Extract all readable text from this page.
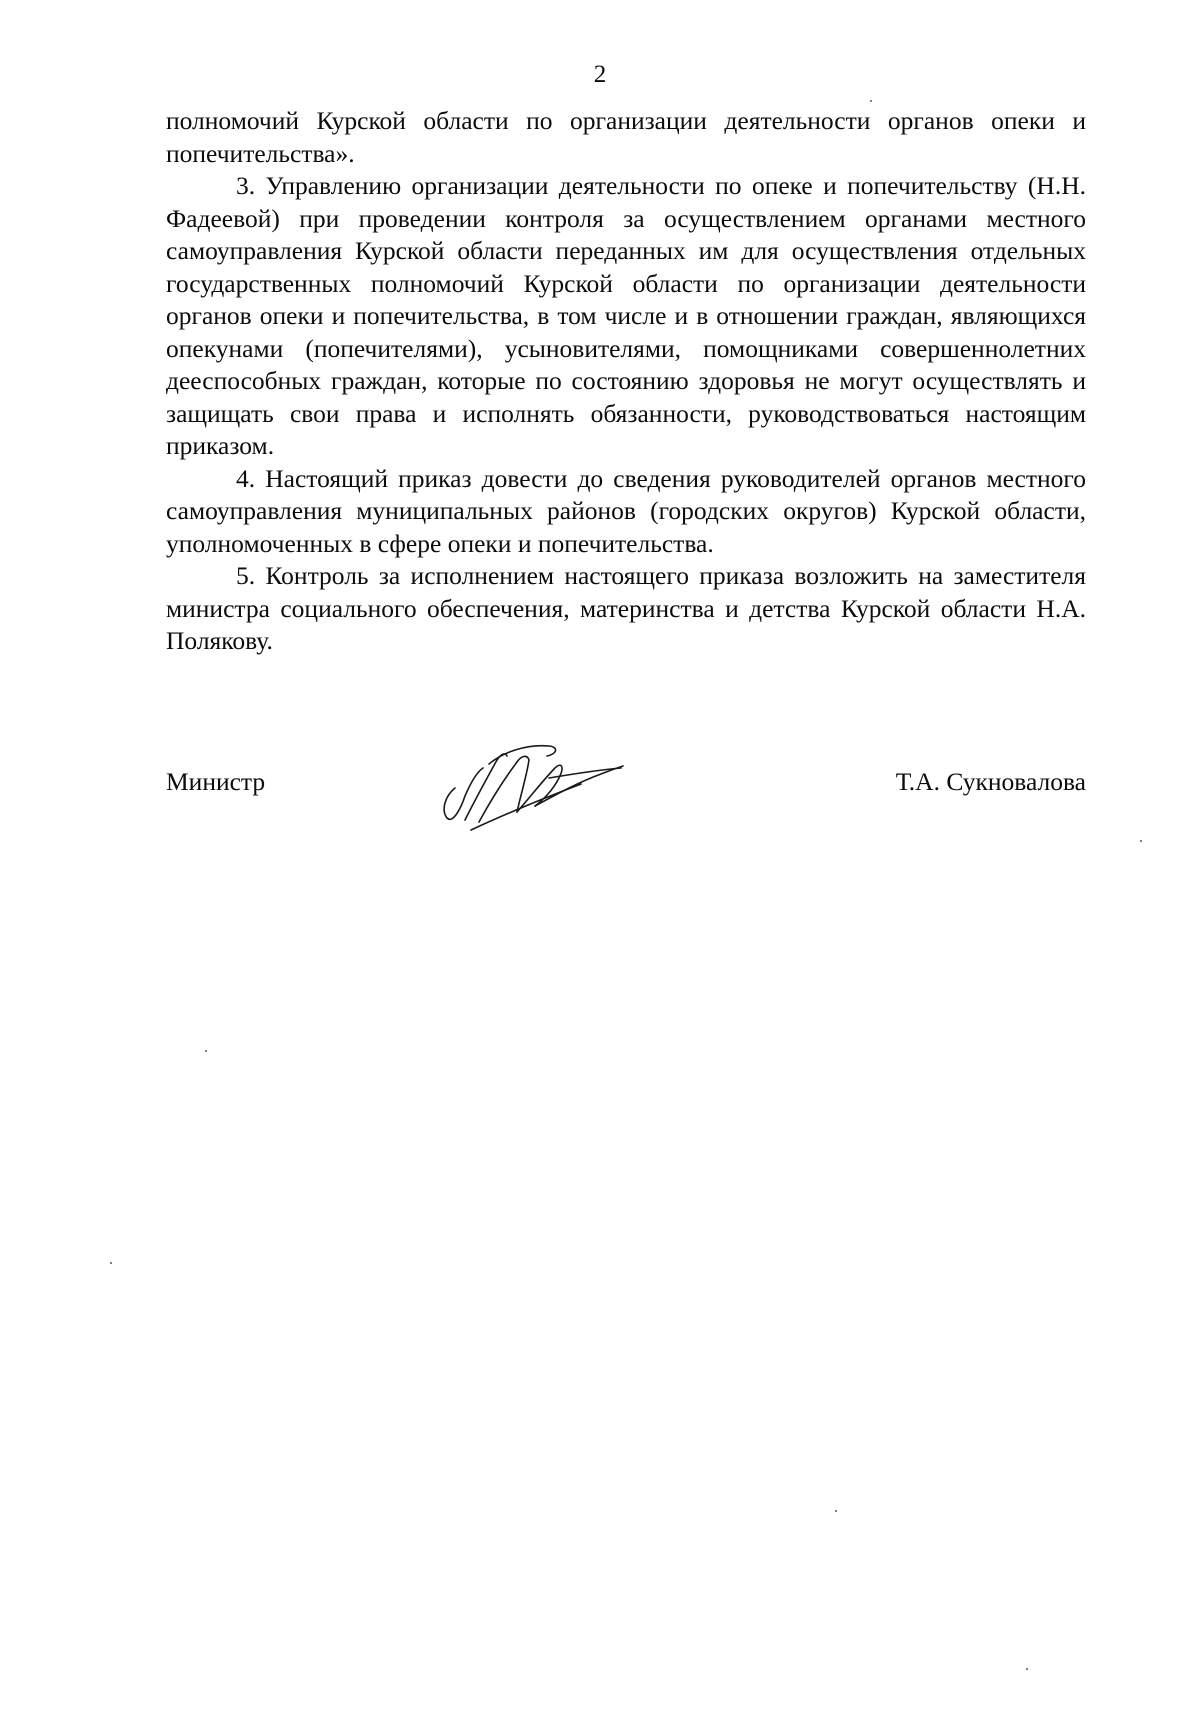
2

полномочий Курской области по организации деятельности органов опеки и попечительства».

3. Управлению организации деятельности по опеке и попечительству (Н.Н. Фадеевой) при проведении контроля за осуществлением органами местного самоуправления Курской области переданных им для осуществления отдельных государственных полномочий Курской области по организации деятельности органов опеки и попечительства, в том числе и в отношении граждан, являющихся опекунами (попечителями), усыновителями, помощниками совершеннолетних дееспособных граждан, которые по состоянию здоровья не могут осуществлять и защищать свои права и исполнять обязанности, руководствоваться настоящим приказом.

4. Настоящий приказ довести до сведения руководителей органов местного самоуправления муниципальных районов (городских округов) Курской области, уполномоченных в сфере опеки и попечительства.

5. Контроль за исполнением настоящего приказа возложить на заместителя министра социального обеспечения, материнства и детства Курской области Н.А. Полякову.

Министр	Т.А. Сукновалова
